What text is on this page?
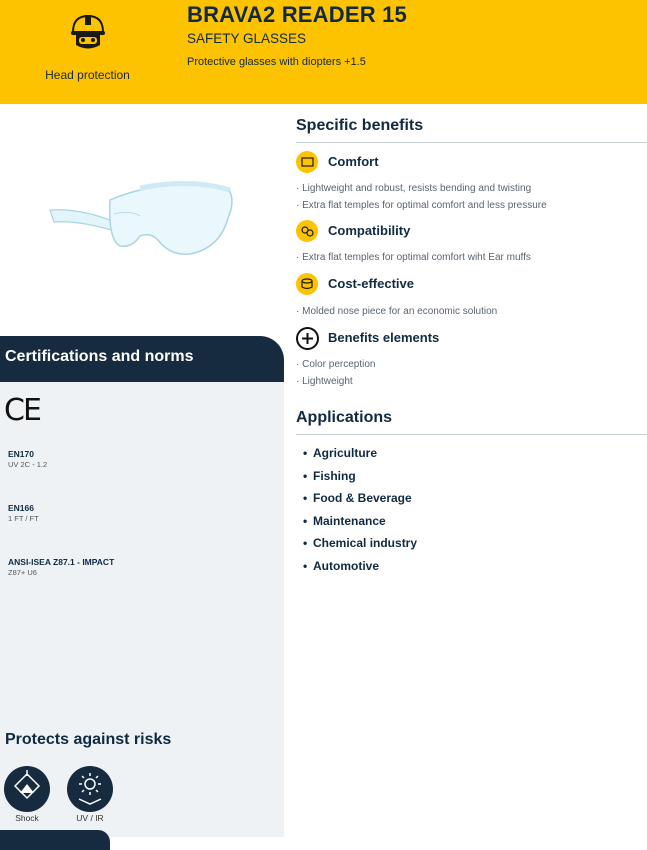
Head protection
BRAVA2 READER 15
SAFETY GLASSES
Protective glasses with diopters +1.5
Certifications and norms
CE
EN170
UV 2C - 1.2
EN166
1 FT / FT
ANSI-ISEA Z87.1 - IMPACT
Z87+ U6
Protects against risks
Shock	UV / IR
Specific benefits
Comfort
· Lightweight and robust, resists bending and twisting
· Extra flat temples for optimal comfort and less pressure
Compatibility
· Extra flat temples for optimal comfort wiht Ear muffs
Cost-effective
· Molded nose piece for an economic solution
Benefits elements
· Color perception
· Lightweight
Applications
• Agriculture
• Fishing
• Food & Beverage
• Maintenance
• Chemical industry
• Automotive
